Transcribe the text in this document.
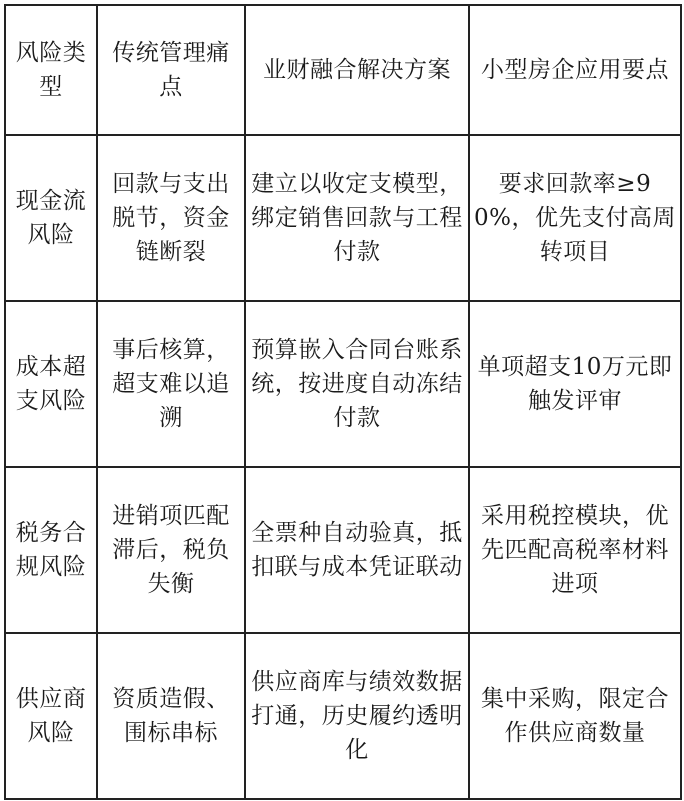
风险类型	传统管理痛点	业财融合解决方案	小型房企应用要点
现金流风险	回款与支出脱节，资金链断裂	建立以收定支模型，绑定销售回款与工程付款	要求回款率≥90%，优先支付高周转项目
成本超支风险	事后核算，超支难以追溯	预算嵌入合同台账系统，按进度自动冻结付款	单项超支10万元即触发评审
税务合规风险	进销项匹配滞后，税负失衡	全票种自动验真，抵扣联与成本凭证联动	采用税控模块，优先匹配高税率材料进项
供应商风险	资质造假、围标串标	供应商库与绩效数据打通，历史履约透明化	集中采购，限定合作供应商数量
